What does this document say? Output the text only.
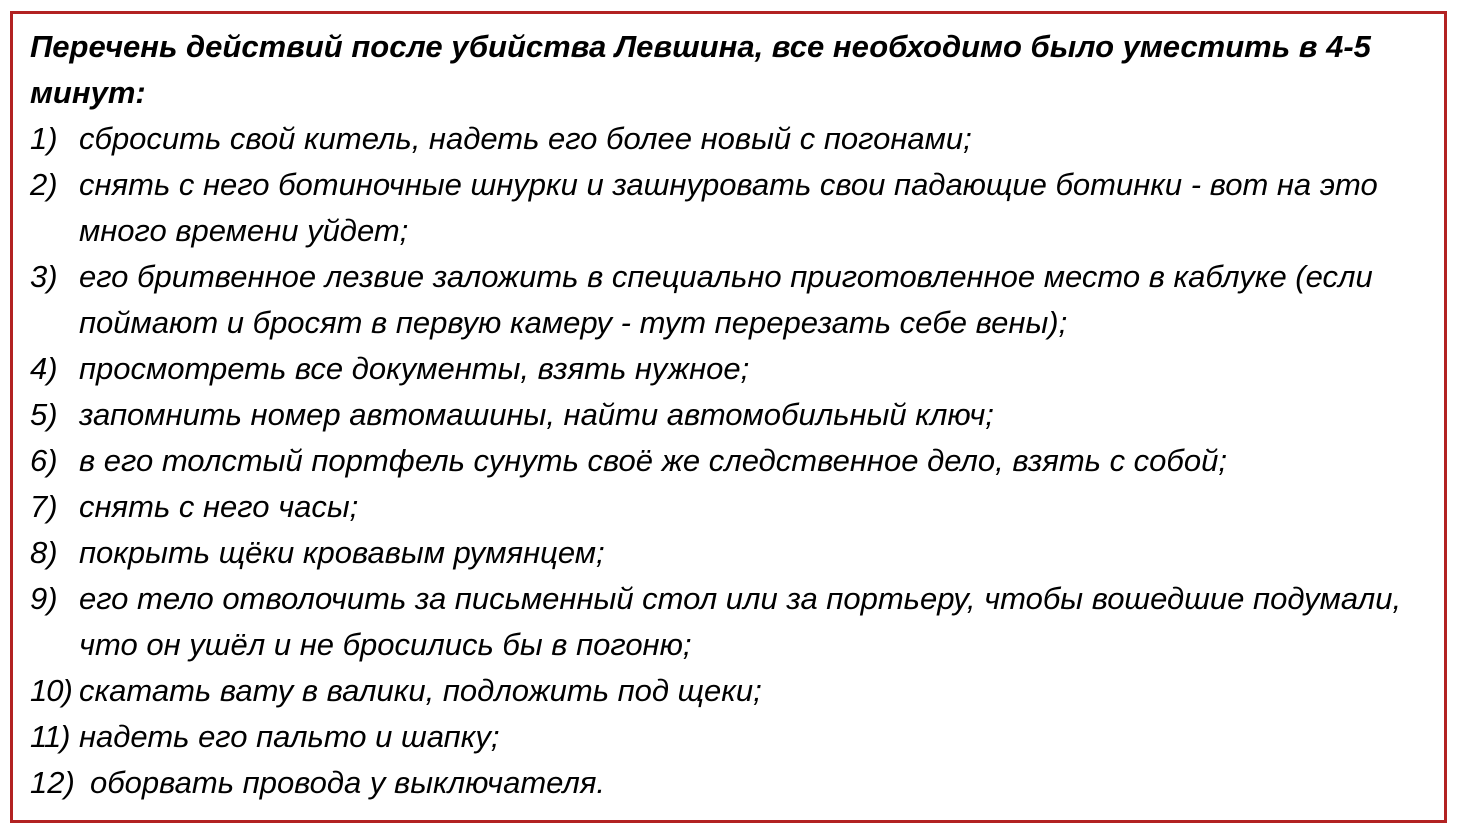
Перечень действий после убийства Левшина, все необходимо было уместить в 4-5 минут:

1) сбросить свой китель, надеть его более новый с погонами;
2) снять с него ботиночные шнурки и зашнуровать свои падающие ботинки - вот на это много времени уйдет;
3) его бритвенное лезвие заложить в специально приготовленное место в каблуке (если поймают и бросят в первую камеру - тут перерезать себе вены);
4) просмотреть все документы, взять нужное;
5) запомнить номер автомашины, найти автомобильный ключ;
6) в его толстый портфель сунуть своё же следственное дело, взять с собой;
7) снять с него часы;
8) покрыть щёки кровавым румянцем;
9) его тело отволочить за письменный стол или за портьеру, чтобы вошедшие подумали, что он ушёл и не бросились бы в погоню;
10) скатать вату в валики, подложить под щеки;
11) надеть его пальто и шапку;
12) оборвать провода у выключателя.
